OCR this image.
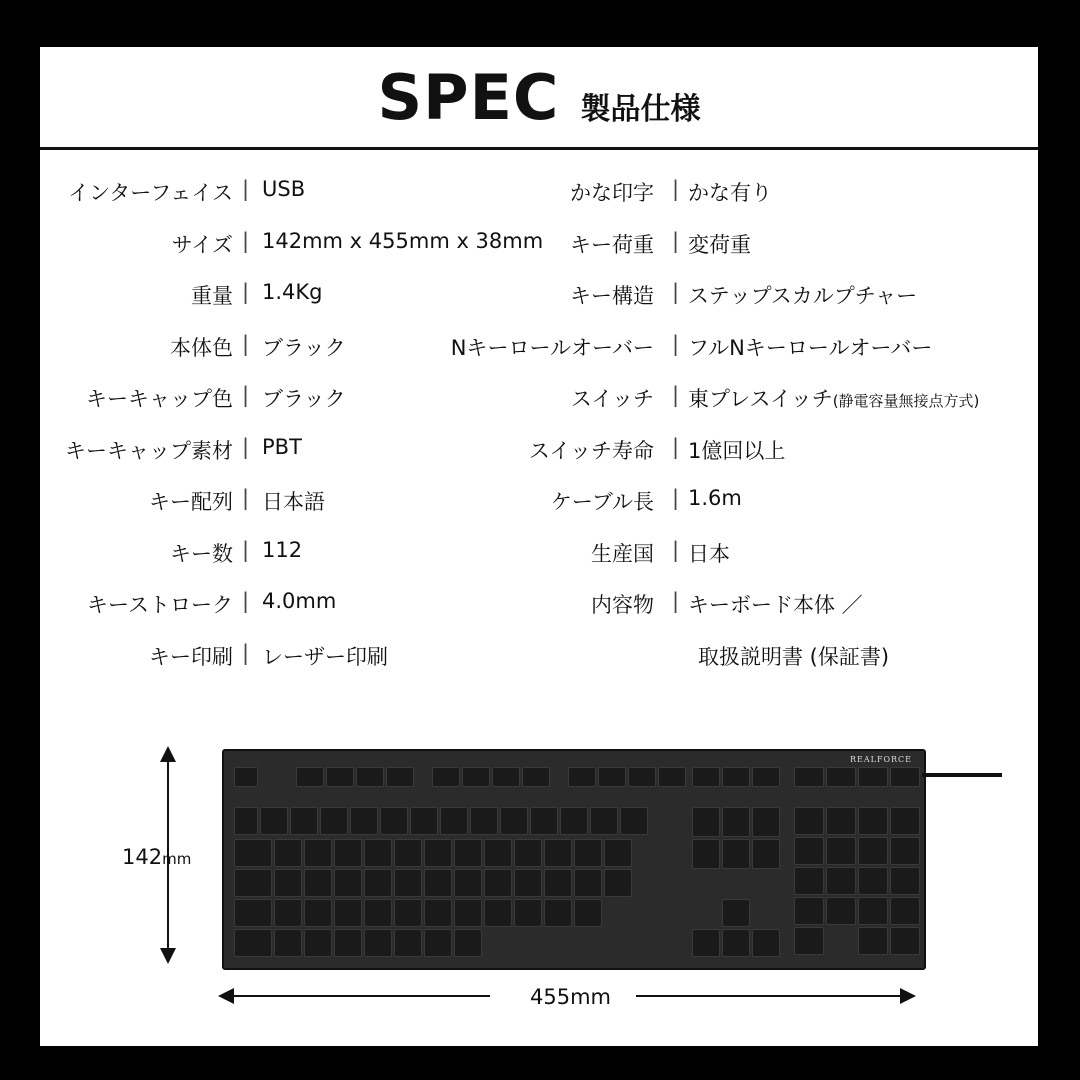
SPEC 製品仕様
インターフェイス | USB
サイズ | 142mm x 455mm x 38mm
重量 | 1.4Kg
本体色 | ブラック
キーキャップ色 | ブラック
キーキャップ素材 | PBT
キー配列 | 日本語
キー数 | 112
キーストローク | 4.0mm
キー印刷 | レーザー印刷
かな印字 | かな有り
キー荷重 | 変荷重
キー構造 | ステップスカルプチャー
Nキーロールオーバー | フルNキーロールオーバー
スイッチ | 東プレスイッチ(静電容量無接点方式)
スイッチ寿命 | 1億回以上
ケーブル長 | 1.6m
生産国 | 日本
内容物 | キーボード本体 ／
取扱説明書 (保証書)
REALFORCE
142mm
455mm
